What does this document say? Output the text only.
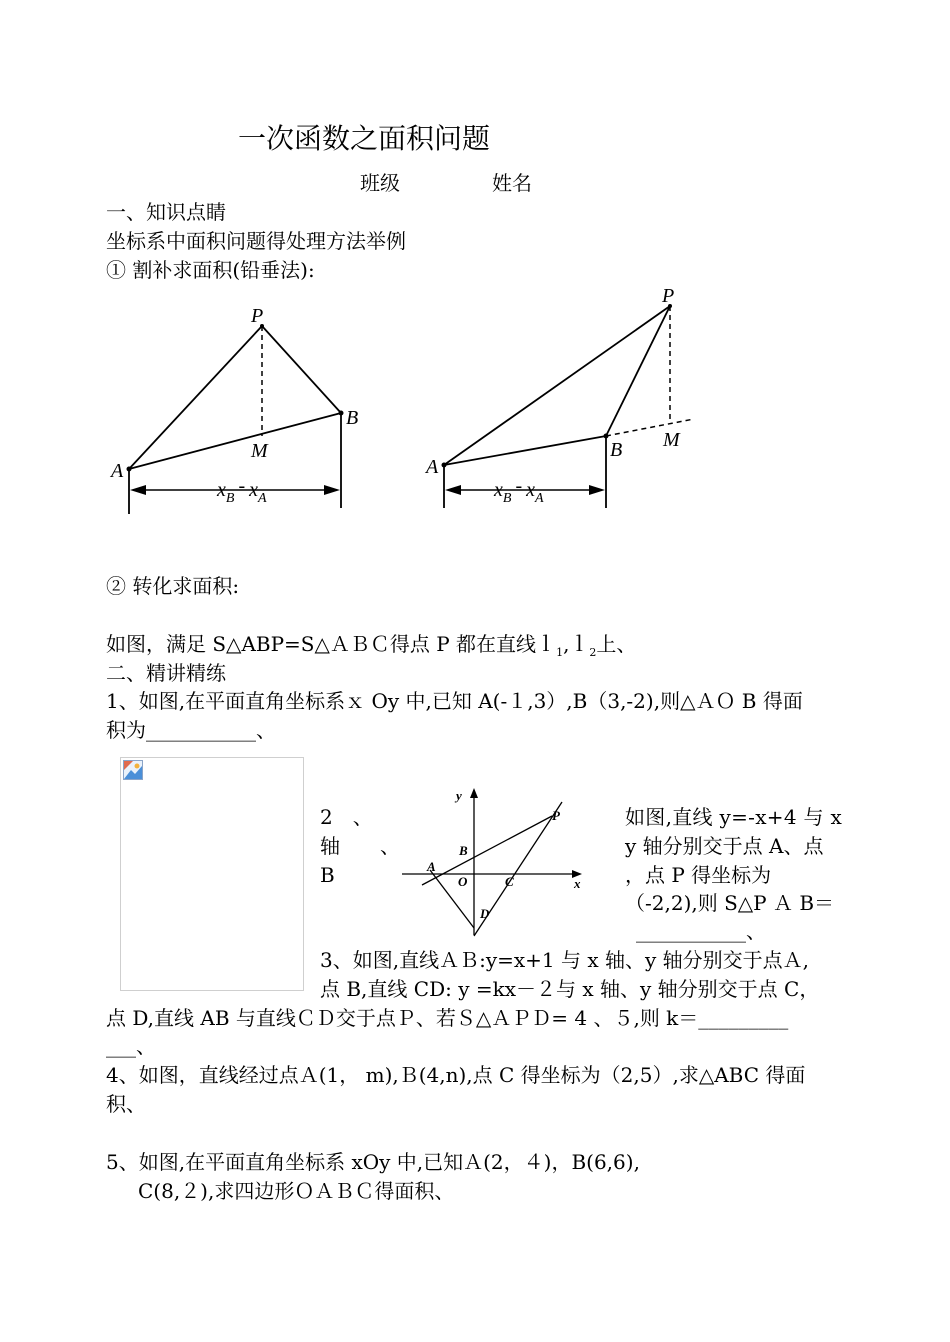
一次函数之面积问题
班级	姓名
一、知识点睛
坐标系中面积问题得处理方法举例
① 割补求面积(铅垂法):
P
B
M
A
$x_B-$ $x_A$
P
B M
A
$x_B-$ $x_A$
② 转化求面积:
如图，满足 S△ABP=S△ＡＢＣ得点 P 都在直线ｌ$_1$,ｌ$_2$上、
二、精讲精练
1、如图,在平面直角坐标系ｘ Oy 中,已知 A(-１,3）,B（3,-2),则△ＡＯ B 得面
积为___________、
2　、
轴　　、
B
y
x
O
P
B
A
C
D
如图,直线 y=-x+4 与 x
y 轴分别交于点 A、点
，点 P 得坐标为
（-2,2),则 S△P Ａ B＝
___________、
3、如图,直线ＡＢ:y=x+1 与 x 轴、y 轴分别交于点Ａ,
点 B,直线 CD: y =kx－２与 x 轴、y 轴分别交于点 C，
点 D,直线 AB 与直线ＣＤ交于点Ｐ、若Ｓ△ＡＰＤ= 4 、５,则 k＝_________
___、
4、如图，直线经过点Ａ(1， m),Ｂ(4,n),点 C 得坐标为（2,5）,求△ABC 得面
积、
5、如图,在平面直角坐标系 xOy 中,已知Ａ(2，４)，B(6,6),
C(8,２),求四边形ＯＡＢＣ得面积、
